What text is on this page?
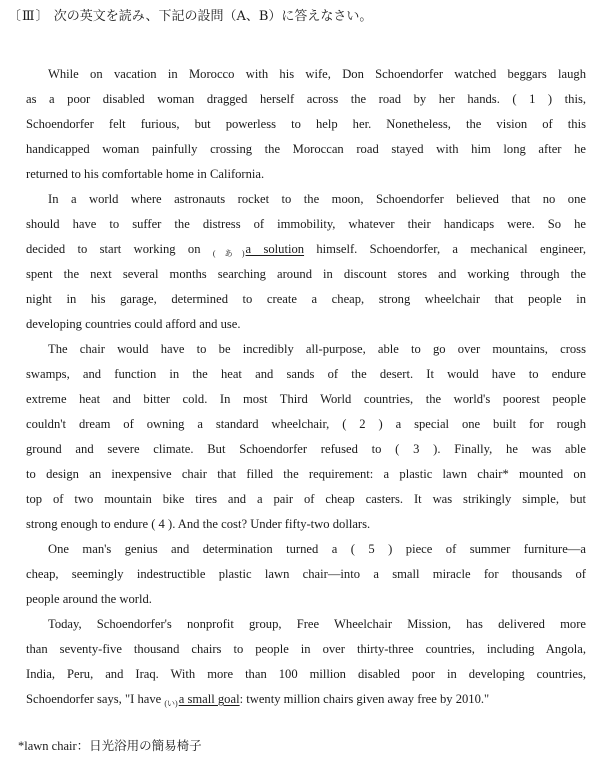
〔Ⅲ〕 次の英文を読み、下記の設問（A、B）に答えなさい。
While on vacation in Morocco with his wife, Don Schoendorfer watched beggars laugh
as a poor disabled woman dragged herself across the road by her hands. ( 1 ) this,
Schoendorfer felt furious, but powerless to help her. Nonetheless, the vision of this
handicapped woman painfully crossing the Moroccan road stayed with him long after he
returned to his comfortable home in California.
In a world where astronauts rocket to the moon, Schoendorfer believed that no one
should have to suffer the distress of immobility, whatever their handicaps were. So he
decided to start working on $_{(あ)}$a solution himself. Schoendorfer, a mechanical engineer,
spent the next several months searching around in discount stores and working through the
night in his garage, determined to create a cheap, strong wheelchair that people in
developing countries could afford and use.
The chair would have to be incredibly all-purpose, able to go over mountains, cross
swamps, and function in the heat and sands of the desert. It would have to endure
extreme heat and bitter cold. In most Third World countries, the world's poorest people
couldn't dream of owning a standard wheelchair, ( 2 ) a special one built for rough
ground and severe climate. But Schoendorfer refused to ( 3 ). Finally, he was able
to design an inexpensive chair that filled the requirement: a plastic lawn chair* mounted on
top of two mountain bike tires and a pair of cheap casters. It was strikingly simple, but
strong enough to endure ( 4 ). And the cost? Under fifty-two dollars.
One man's genius and determination turned a ( 5 ) piece of summer furniture—a
cheap, seemingly indestructible plastic lawn chair—into a small miracle for thousands of
people around the world.
Today, Schoendorfer's nonprofit group, Free Wheelchair Mission, has delivered more
than seventy-five thousand chairs to people in over thirty-three countries, including Angola,
India, Peru, and Iraq. With more than 100 million disabled poor in developing countries,
Schoendorfer says, "I have $_{(い)}$a small goal: twenty million chairs given away free by 2010."
*lawn chair：日光浴用の簡易椅子
